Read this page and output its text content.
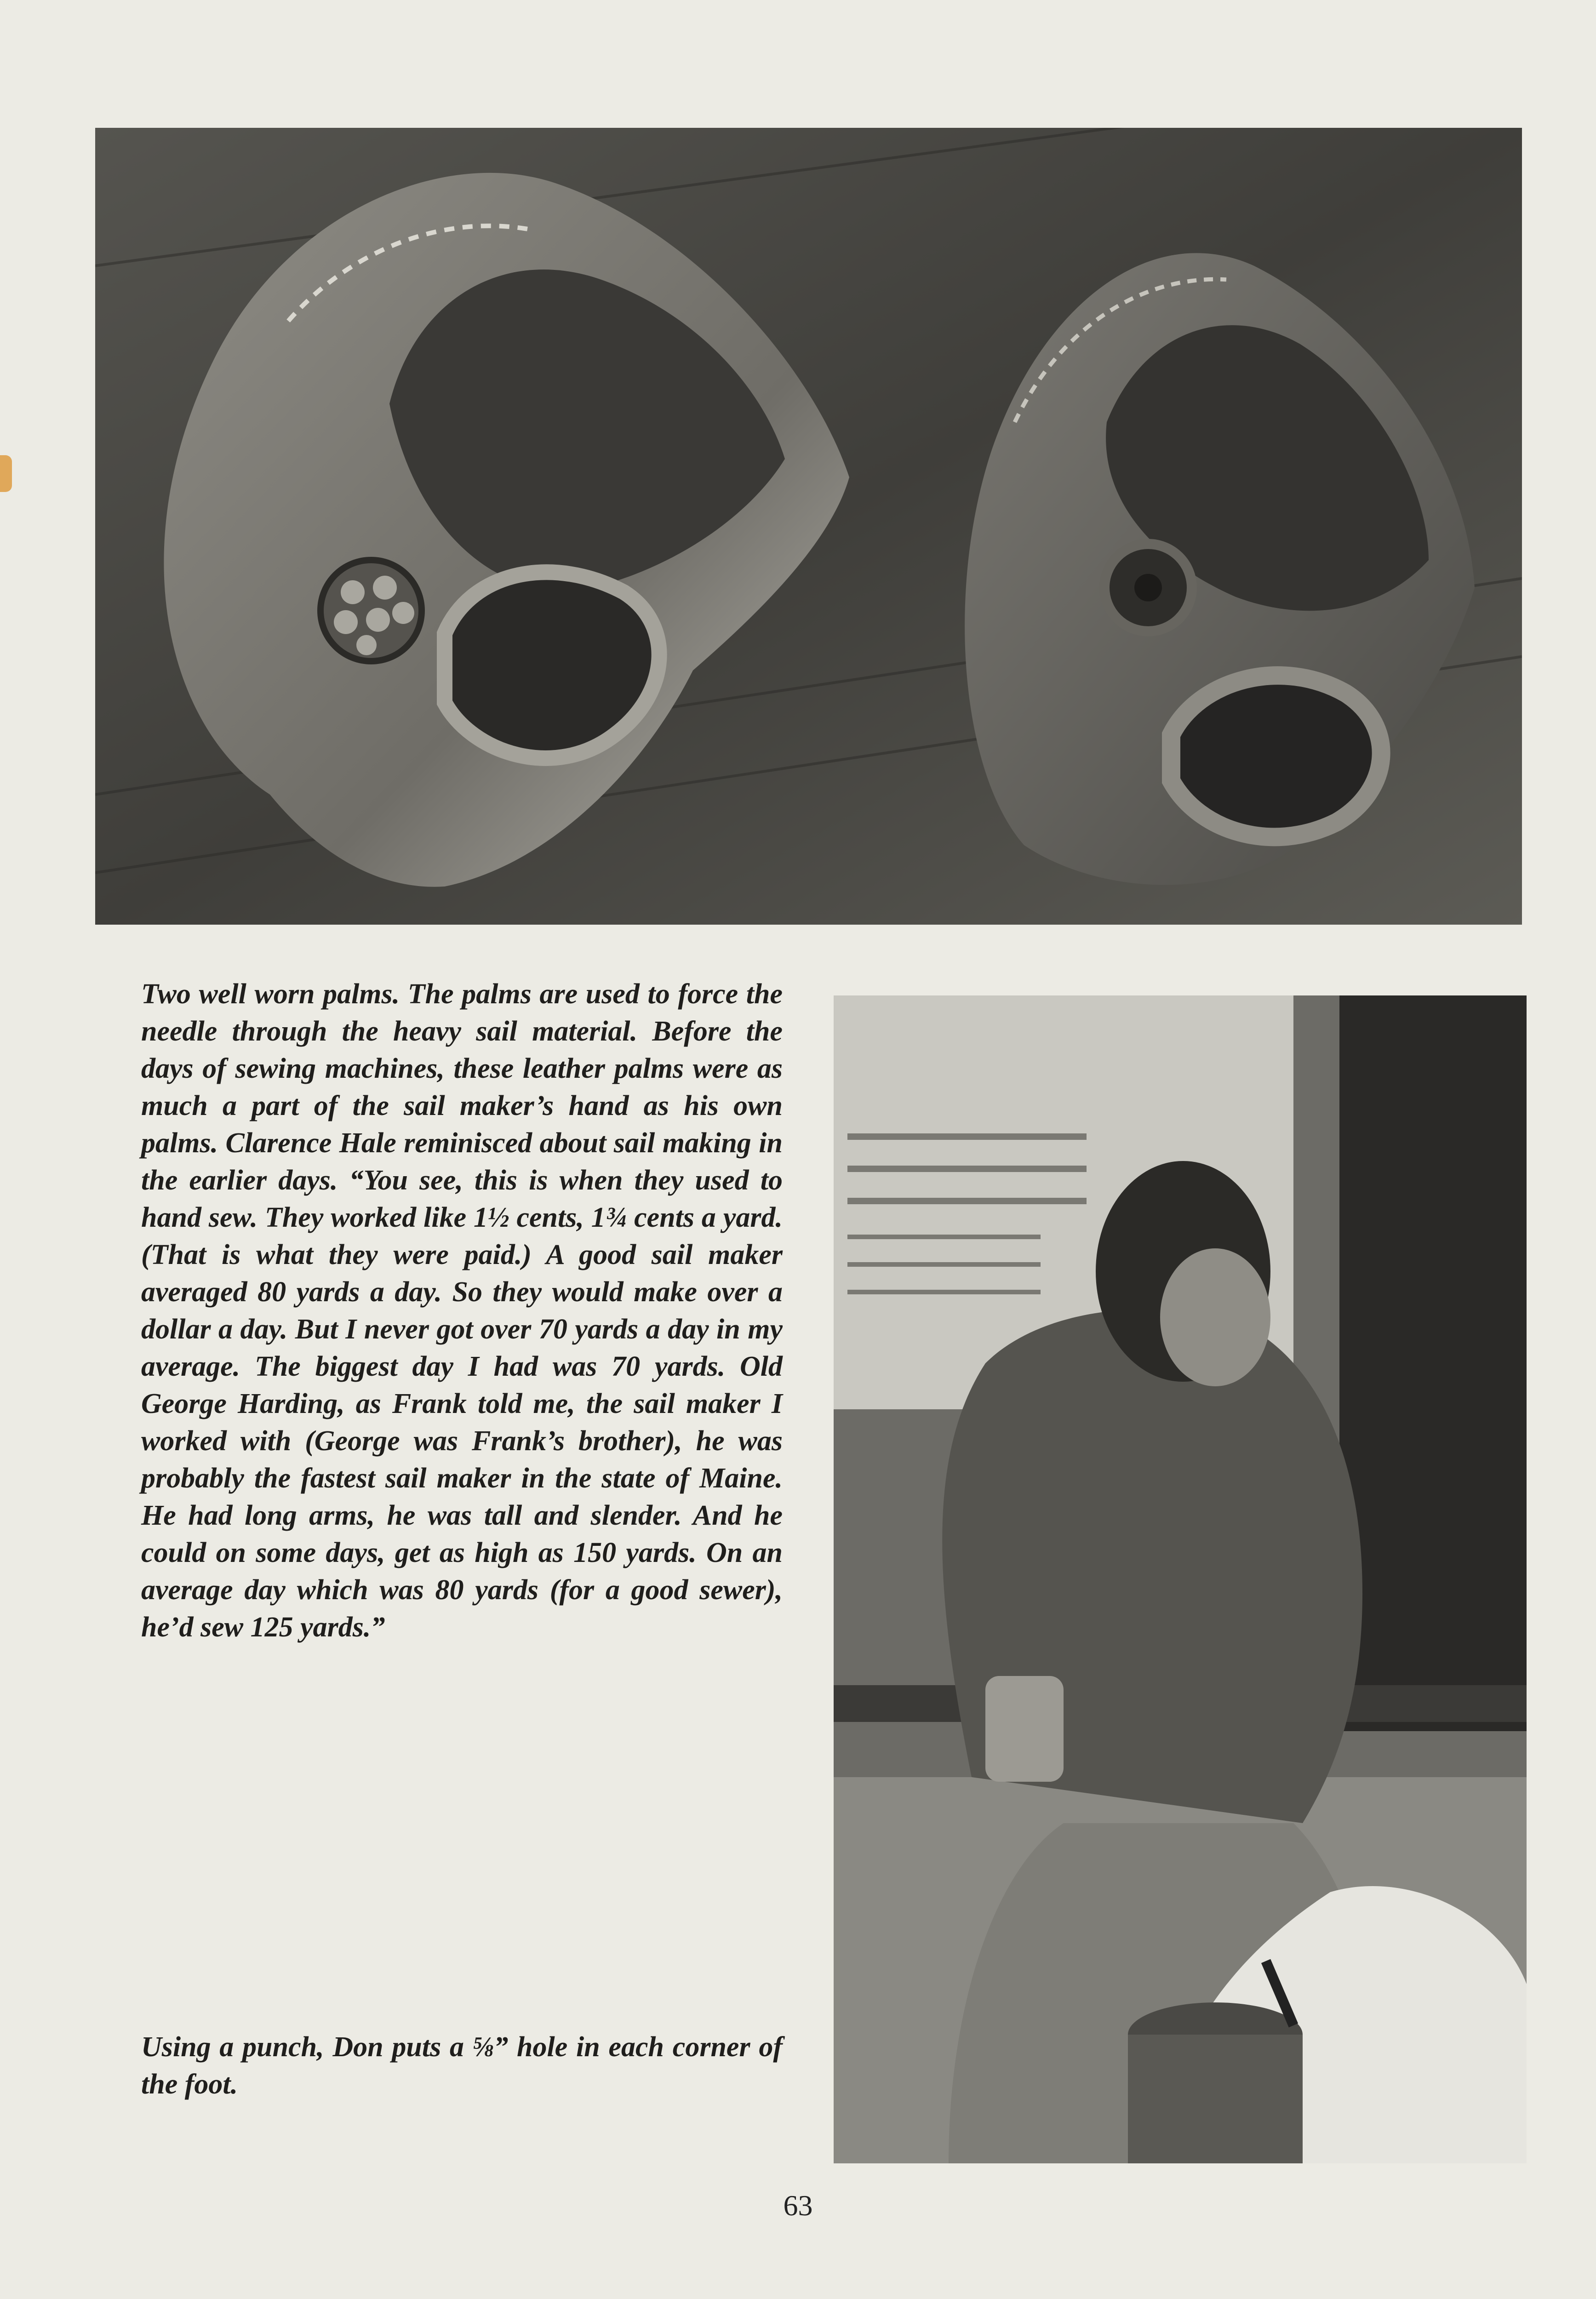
Two well worn palms. The palms are used to force the needle through the heavy sail material. Before the days of sewing machines, these leather palms were as much a part of the sail maker’s hand as his own palms. Clarence Hale reminisced about sail making in the earlier days. “You see, this is when they used to hand sew. They worked like 1½ cents, 1¾ cents a yard. (That is what they were paid.) A good sail maker averaged 80 yards a day. So they would make over a dollar a day. But I never got over 70 yards a day in my average. The biggest day I had was 70 yards. Old George Harding, as Frank told me, the sail maker I worked with (George was Frank’s brother), he was probably the fastest sail maker in the state of Maine. He had long arms, he was tall and slender. And he could on some days, get as high as 150 yards. On an average day which was 80 yards (for a good sewer), he’d sew 125 yards.”
Using a punch, Don puts a ⅝” hole in each corner of the foot.
63
